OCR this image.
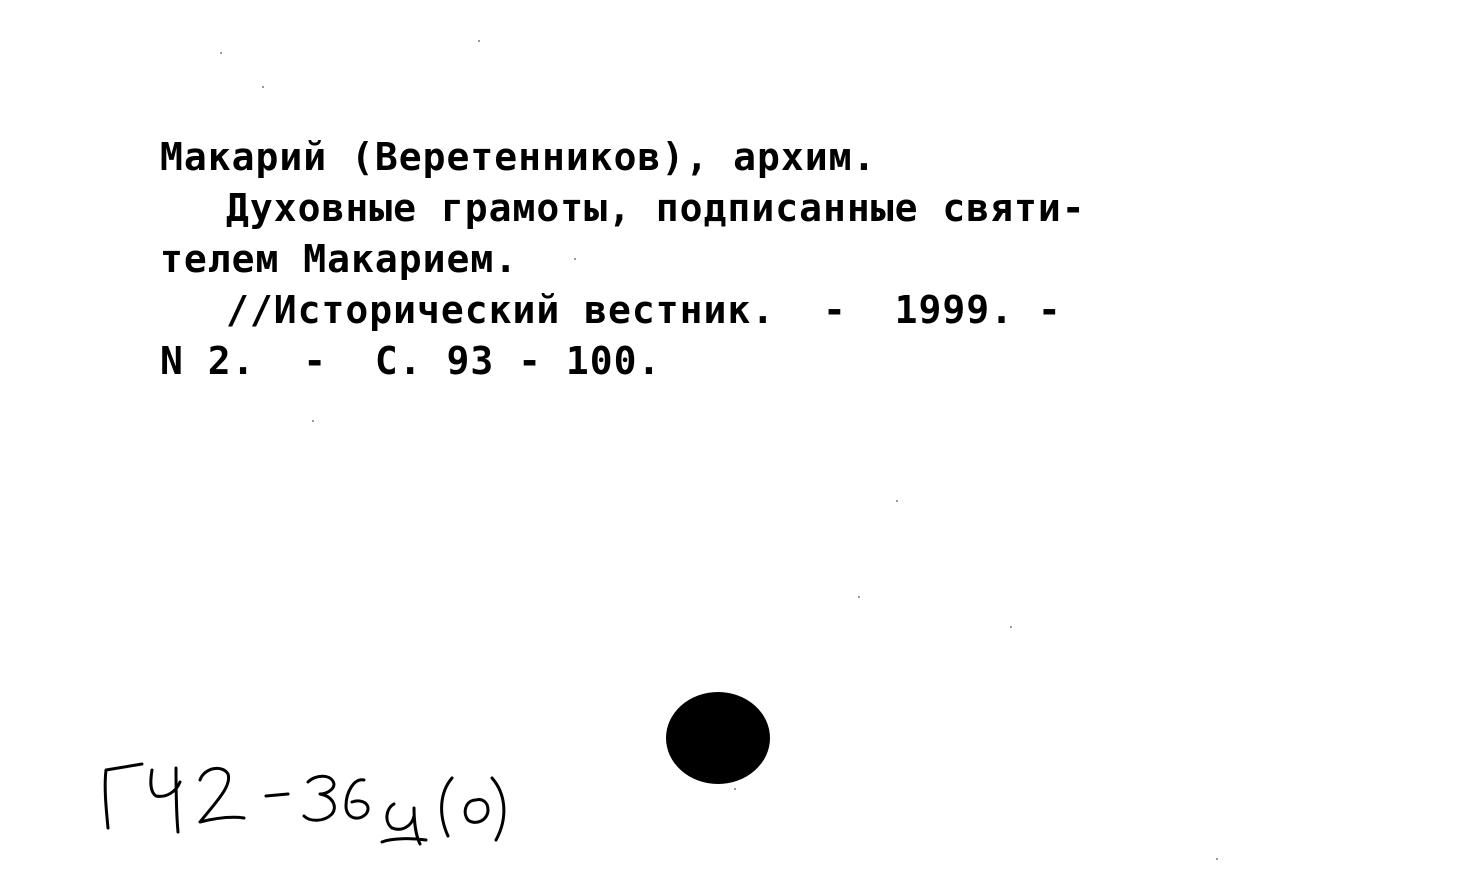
Макарий (Веретенников), архим.
Духовные грамоты, подписанные святи-
телем Макарием.
//Исторический вестник.  -  1999. -
N 2.  -  С. 93 - 100.
